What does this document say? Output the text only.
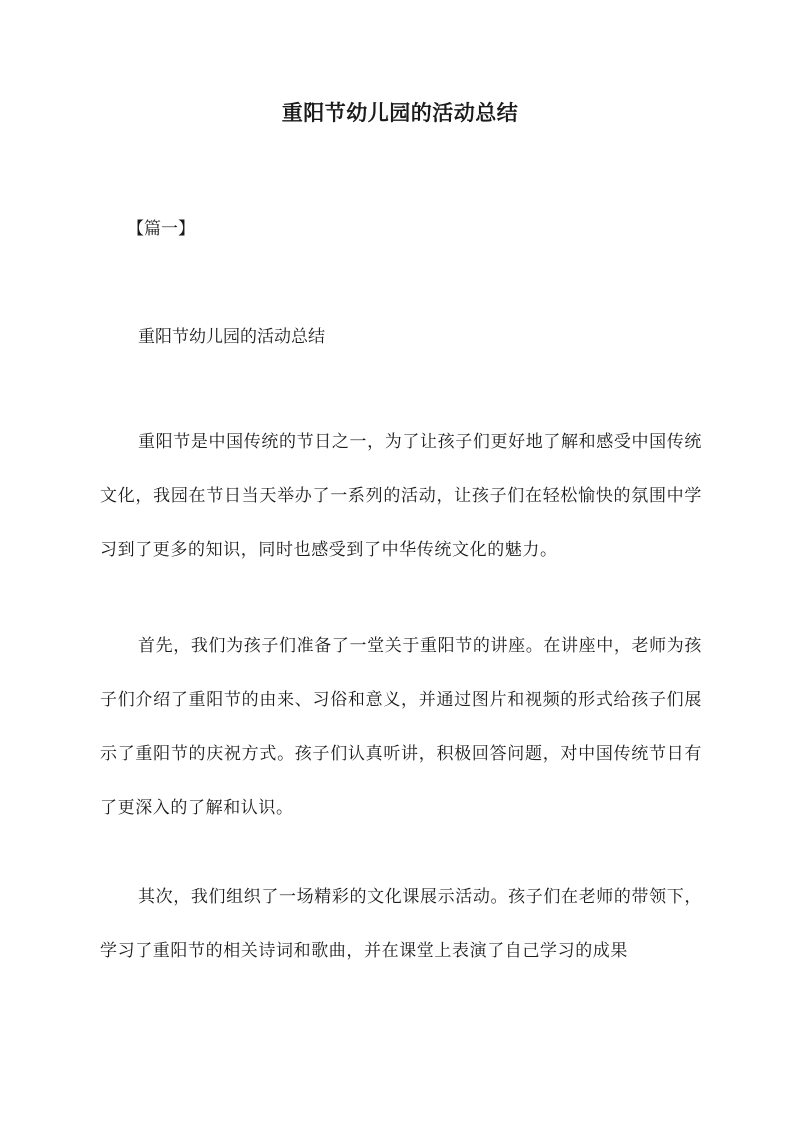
重阳节幼儿园的活动总结

【篇一】

重阳节幼儿园的活动总结

重阳节是中国传统的节日之一，为了让孩子们更好地了解和感受中国传统文化，我园在节日当天举办了一系列的活动，让孩子们在轻松愉快的氛围中学习到了更多的知识，同时也感受到了中华传统文化的魅力。

首先，我们为孩子们准备了一堂关于重阳节的讲座。在讲座中，老师为孩子们介绍了重阳节的由来、习俗和意义，并通过图片和视频的形式给孩子们展示了重阳节的庆祝方式。孩子们认真听讲，积极回答问题，对中国传统节日有了更深入的了解和认识。

其次，我们组织了一场精彩的文化课展示活动。孩子们在老师的带领下，学习了重阳节的相关诗词和歌曲，并在课堂上表演了自己学习的成果
